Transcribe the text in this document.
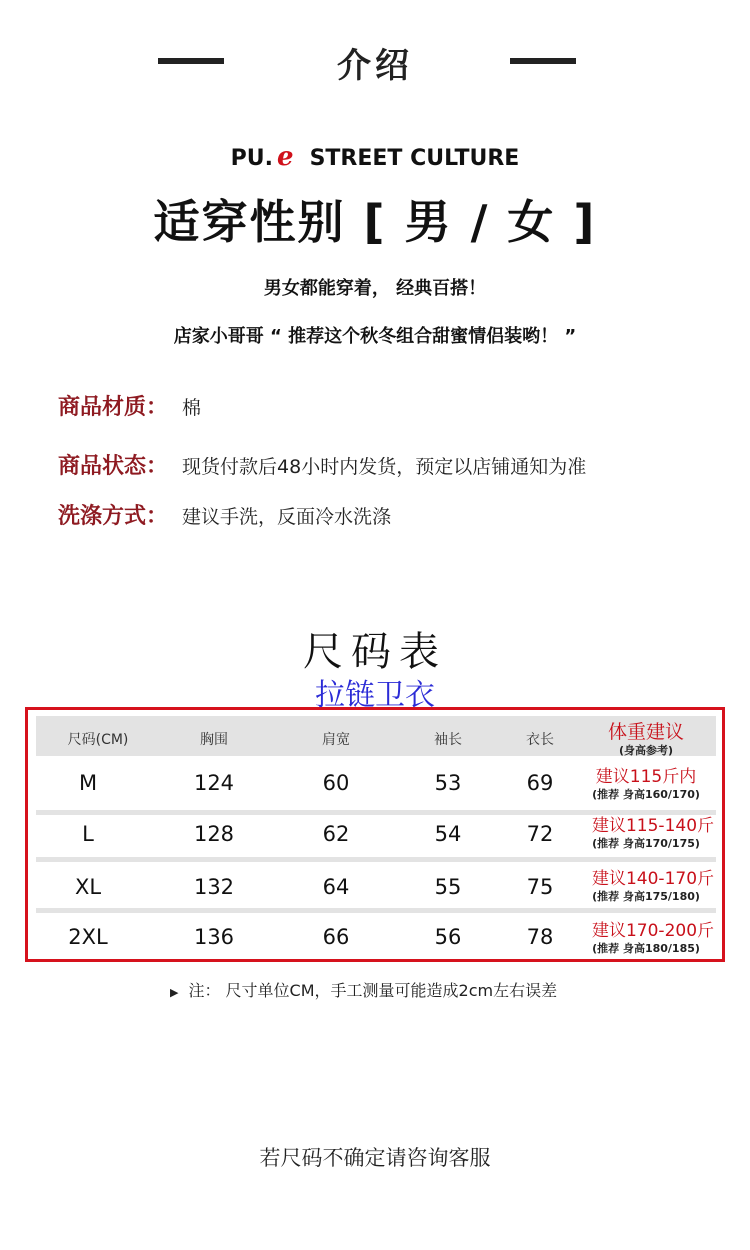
介绍
PU. e STREET CULTURE
适穿性别 [ 男 / 女 ]
男女都能穿着， 经典百搭！
店家小哥哥 “ 推荐这个秋冬组合甜蜜情侣装哟！ ”
商品材质： 棉
商品状态： 现货付款后48小时内发货，预定以店铺通知为准
洗涤方式： 建议手洗，反面冷水洗涤
尺码表
拉链卫衣
尺码(CM)	胸围	肩宽	袖长	衣长	体重建议
(身高参考)
M	124	60	53	69 建议115斤内
(推荐 身高160/170)
L	128	62	54	72 建议115-140斤
(推荐 身高170/175)
XL	132	64	55	75 建议140-170斤
(推荐 身高175/180)
2XL	136	66	56	78 建议170-200斤
(推荐 身高180/185)
▶ 注： 尺寸单位CM，手工测量可能造成2cm左右误差
若尺码不确定请咨询客服
